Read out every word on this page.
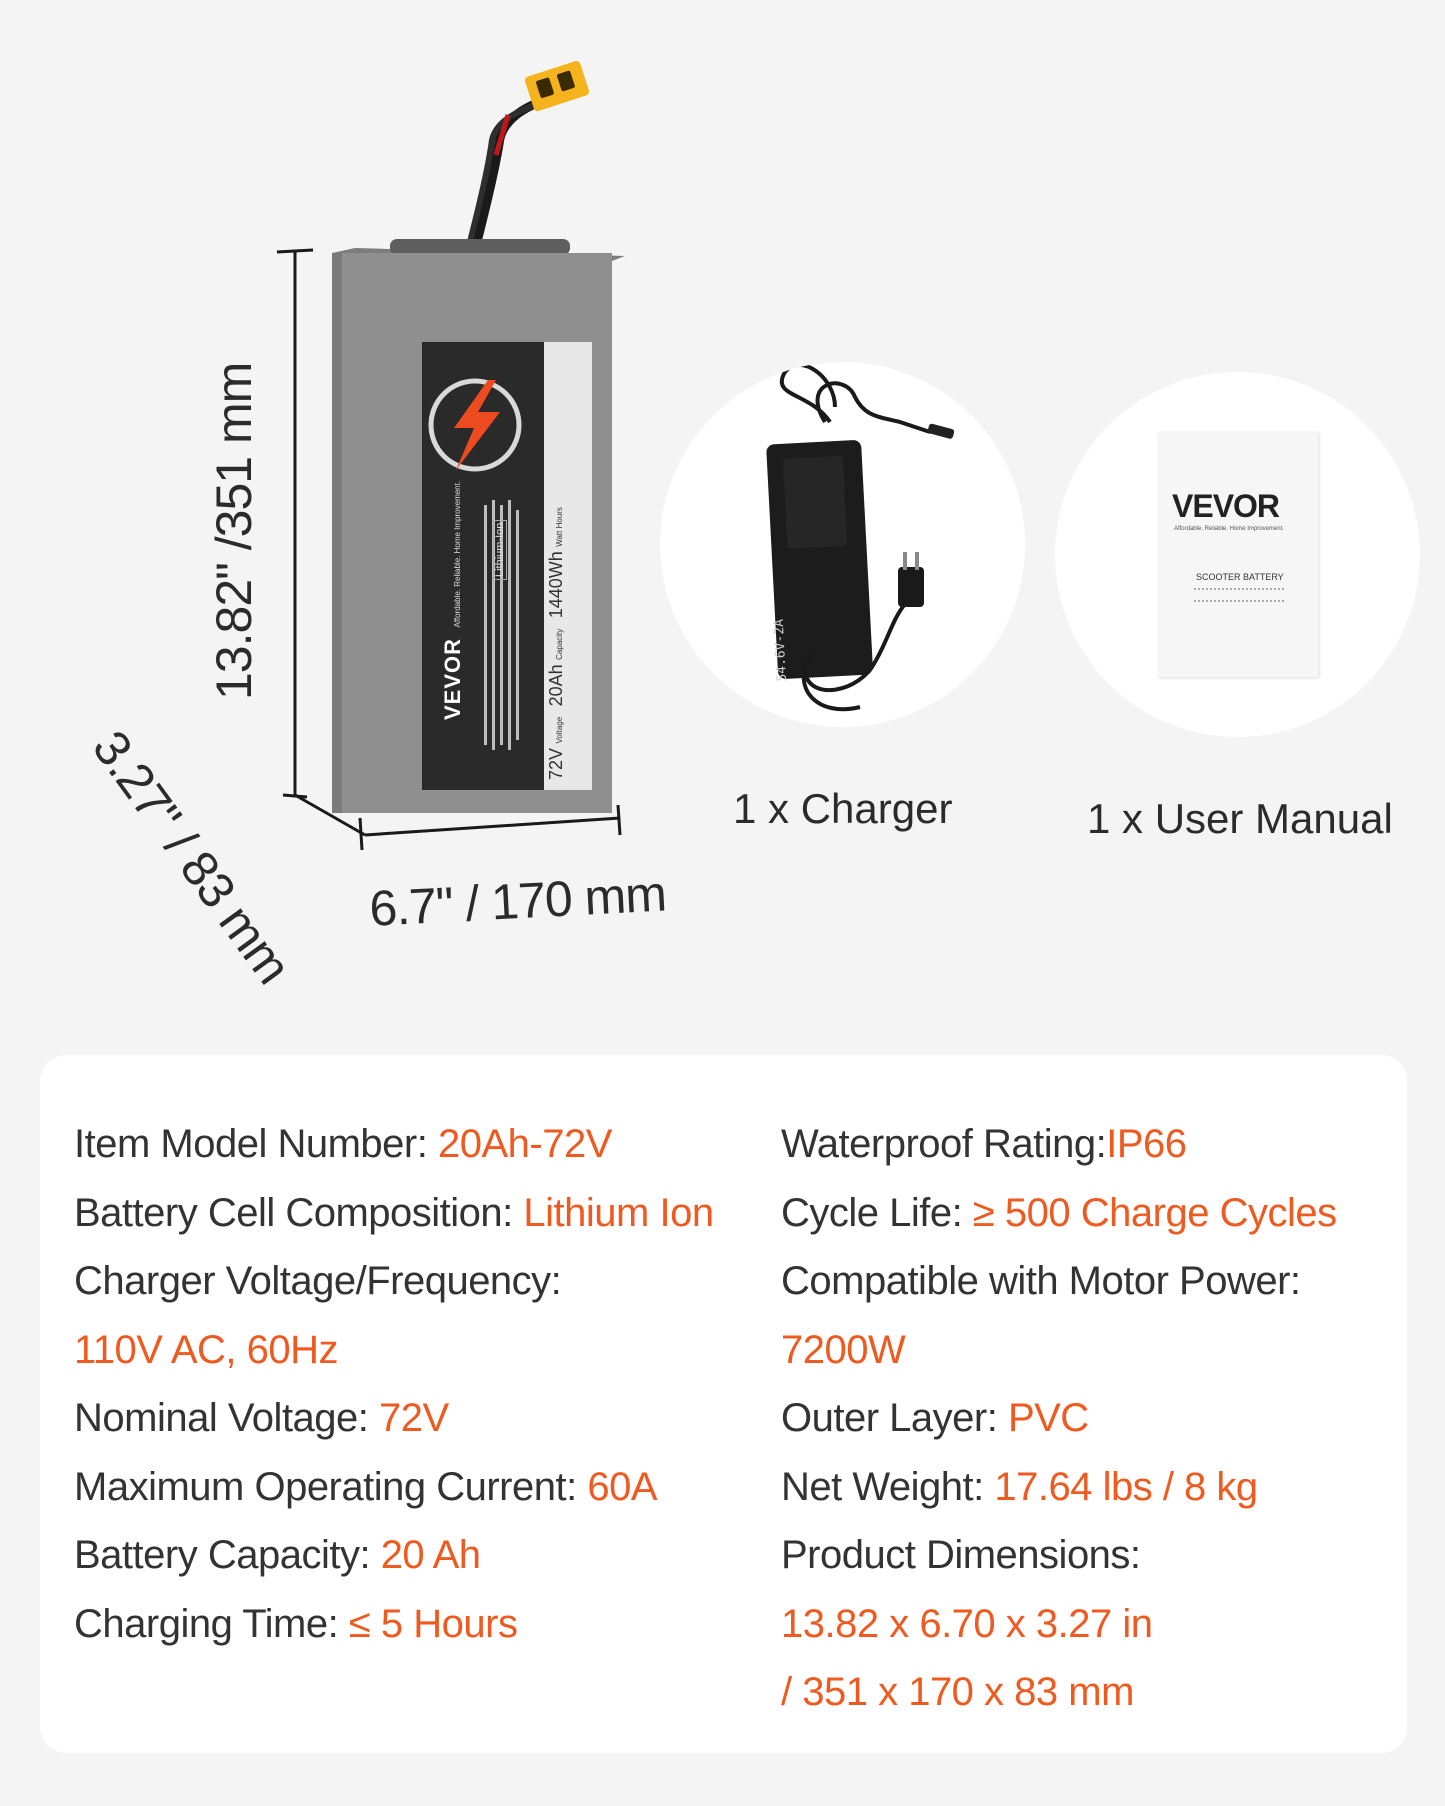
VEVOR Affordable. Reliable. Home Improvement.	Lithium-Ion
72V Voltage 20Ah Capacity 1440Wh Watt Hours
13.82" /351 mm
6.7" / 170 mm
3.27" / 83 mm
54.6V-2A
1 x Charger
VEVOR
Affordable. Reliable. Home Improvement.
SCOOTER BATTERY
1 x User Manual
Item Model Number: 20Ah-72V
Battery Cell Composition: Lithium Ion
Charger Voltage/Frequency:
110V AC, 60Hz
Nominal Voltage: 72V
Maximum Operating Current: 60A
Battery Capacity: 20 Ah
Charging Time: ≤ 5 Hours
Waterproof Rating:IP66
Cycle Life: ≥ 500 Charge Cycles
Compatible with Motor Power:
7200W
Outer Layer: PVC
Net Weight: 17.64 lbs / 8 kg
Product Dimensions:
13.82 x 6.70 x 3.27 in
/ 351 x 170 x 83 mm
